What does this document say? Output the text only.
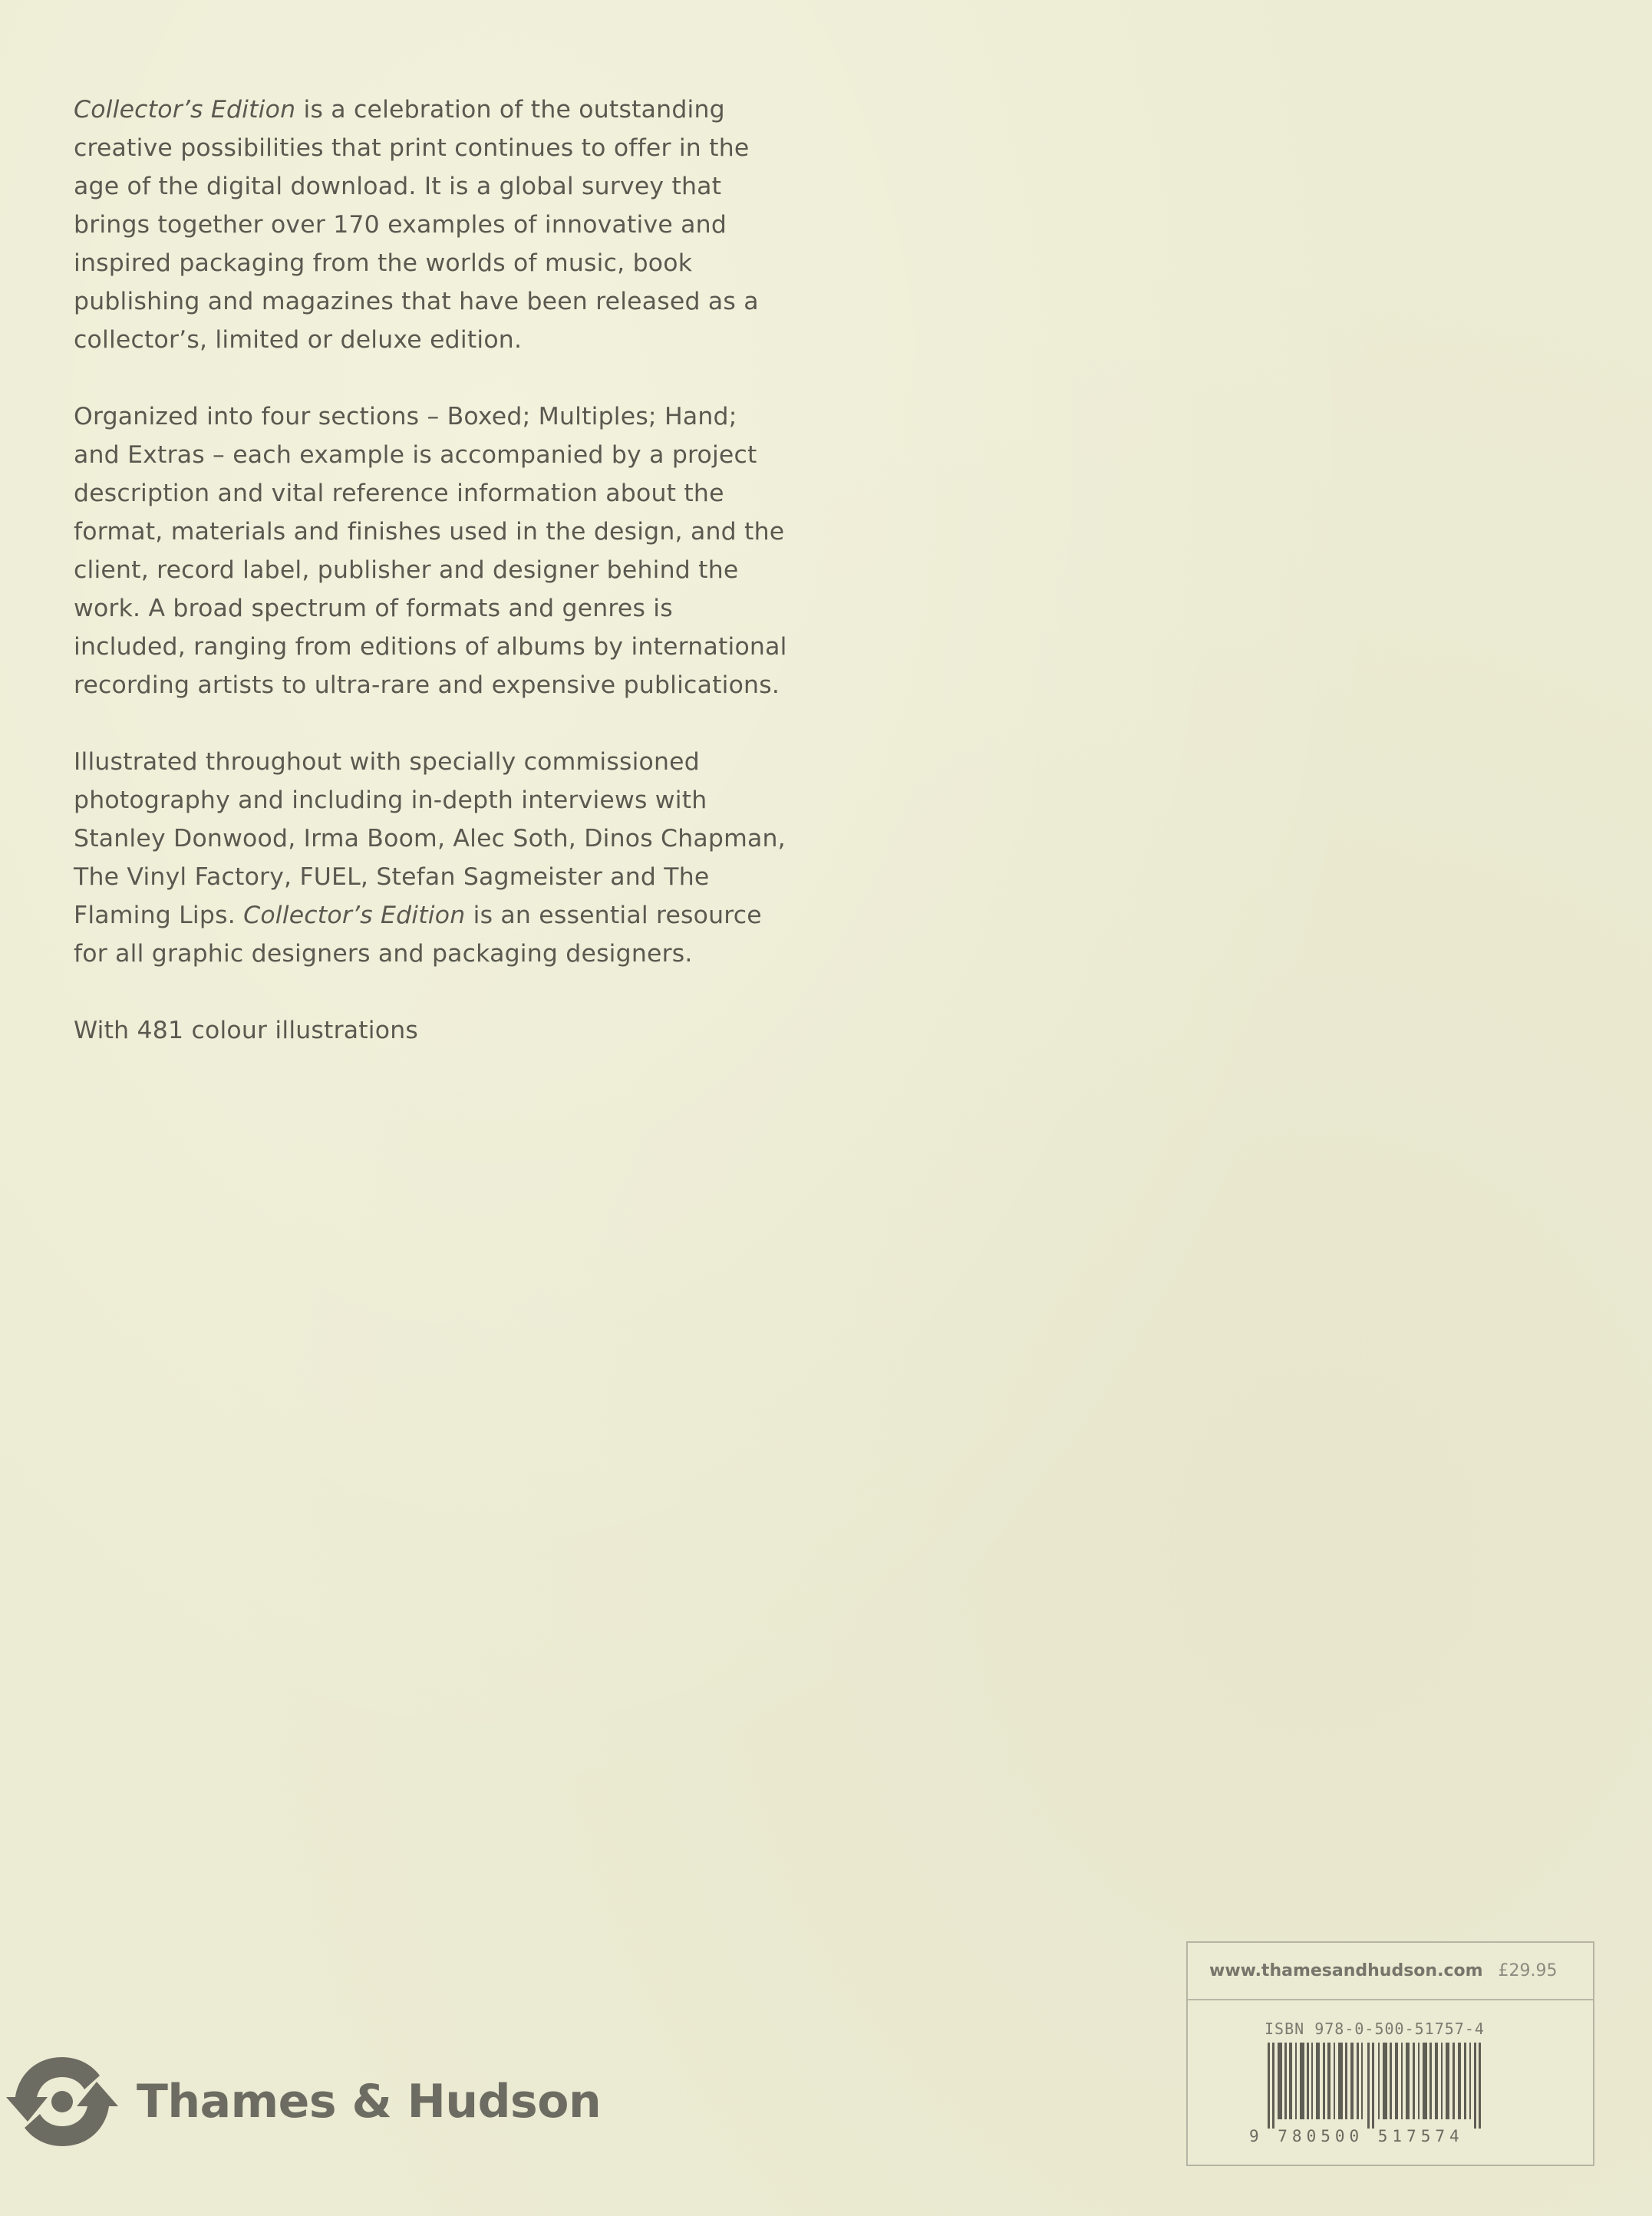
Collector’s Edition is a celebration of the outstanding creative possibilities that print continues to offer in the age of the digital download. It is a global survey that brings together over 170 examples of innovative and inspired packaging from the worlds of music, book publishing and magazines that have been released as a collector’s, limited or deluxe edition.

Organized into four sections – Boxed; Multiples; Hand; and Extras – each example is accompanied by a project description and vital reference information about the format, materials and finishes used in the design, and the client, record label, publisher and designer behind the work. A broad spectrum of formats and genres is included, ranging from editions of albums by international recording artists to ultra-rare and expensive publications.

Illustrated throughout with specially commissioned photography and including in-depth interviews with Stanley Donwood, Irma Boom, Alec Soth, Dinos Chapman, The Vinyl Factory, FUEL, Stefan Sagmeister and The Flaming Lips. Collector’s Edition is an essential resource for all graphic designers and packaging designers.

With 481 colour illustrations

Thames & Hudson
www.thamesandhudson.com £29.95
ISBN 978-0-500-51757-4
9 780500 517574
